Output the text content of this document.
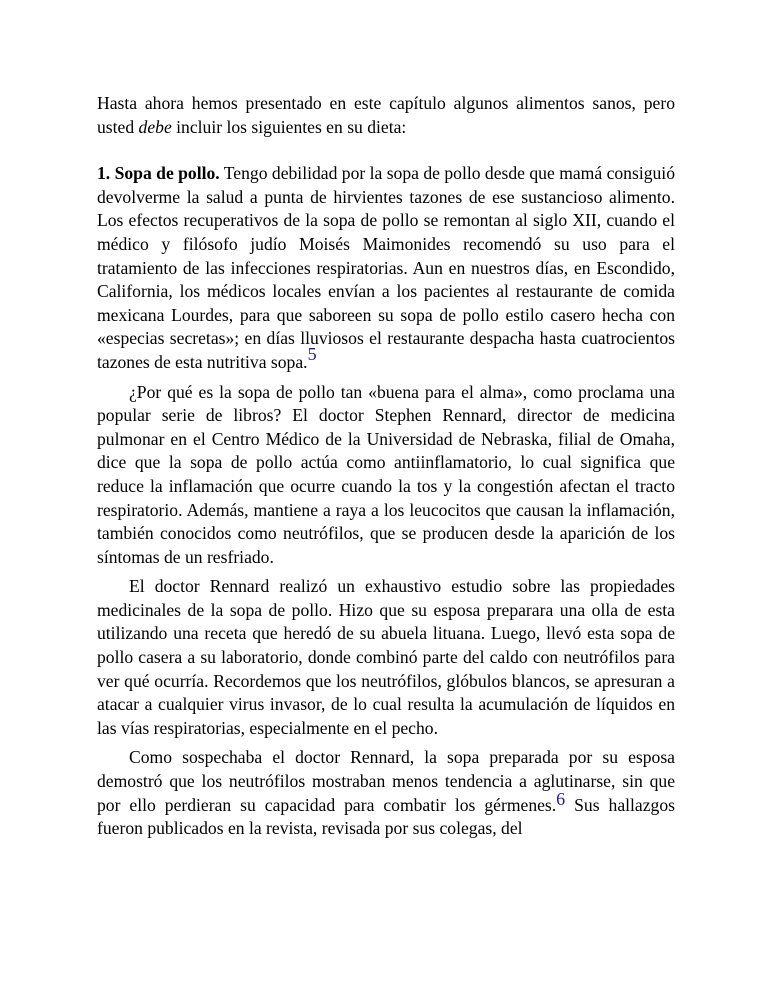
Hasta ahora hemos presentado en este capítulo algunos alimentos sanos, pero usted debe incluir los siguientes en su dieta:

1. Sopa de pollo. Tengo debilidad por la sopa de pollo desde que mamá consiguió devolverme la salud a punta de hirvientes tazones de ese sustancioso alimento. Los efectos recuperativos de la sopa de pollo se remontan al siglo XII, cuando el médico y filósofo judío Moisés Maimonides recomendó su uso para el tratamiento de las infecciones respiratorias. Aun en nuestros días, en Escondido, California, los médicos locales envían a los pacientes al restaurante de comida mexicana Lourdes, para que saboreen su sopa de pollo estilo casero hecha con «especias secretas»; en días lluviosos el restaurante despacha hasta cuatrocientos tazones de esta nutritiva sopa.$^5$

¿Por qué es la sopa de pollo tan «buena para el alma», como proclama una popular serie de libros? El doctor Stephen Rennard, director de medicina pulmonar en el Centro Médico de la Universidad de Nebraska, filial de Omaha, dice que la sopa de pollo actúa como antiinflamatorio, lo cual significa que reduce la inflamación que ocurre cuando la tos y la congestión afectan el tracto respiratorio. Además, mantiene a raya a los leucocitos que causan la inflamación, también conocidos como neutrófilos, que se producen desde la aparición de los síntomas de un resfriado.

El doctor Rennard realizó un exhaustivo estudio sobre las propiedades medicinales de la sopa de pollo. Hizo que su esposa preparara una olla de esta utilizando una receta que heredó de su abuela lituana. Luego, llevó esta sopa de pollo casera a su laboratorio, donde combinó parte del caldo con neutrófilos para ver qué ocurría. Recordemos que los neutrófilos, glóbulos blancos, se apresuran a atacar a cualquier virus invasor, de lo cual resulta la acumulación de líquidos en las vías respiratorias, especialmente en el pecho.

Como sospechaba el doctor Rennard, la sopa preparada por su esposa demostró que los neutrófilos mostraban menos tendencia a aglutinarse, sin que por ello perdieran su capacidad para combatir los gérmenes.$^6$ Sus hallazgos fueron publicados en la revista, revisada por sus colegas, del
